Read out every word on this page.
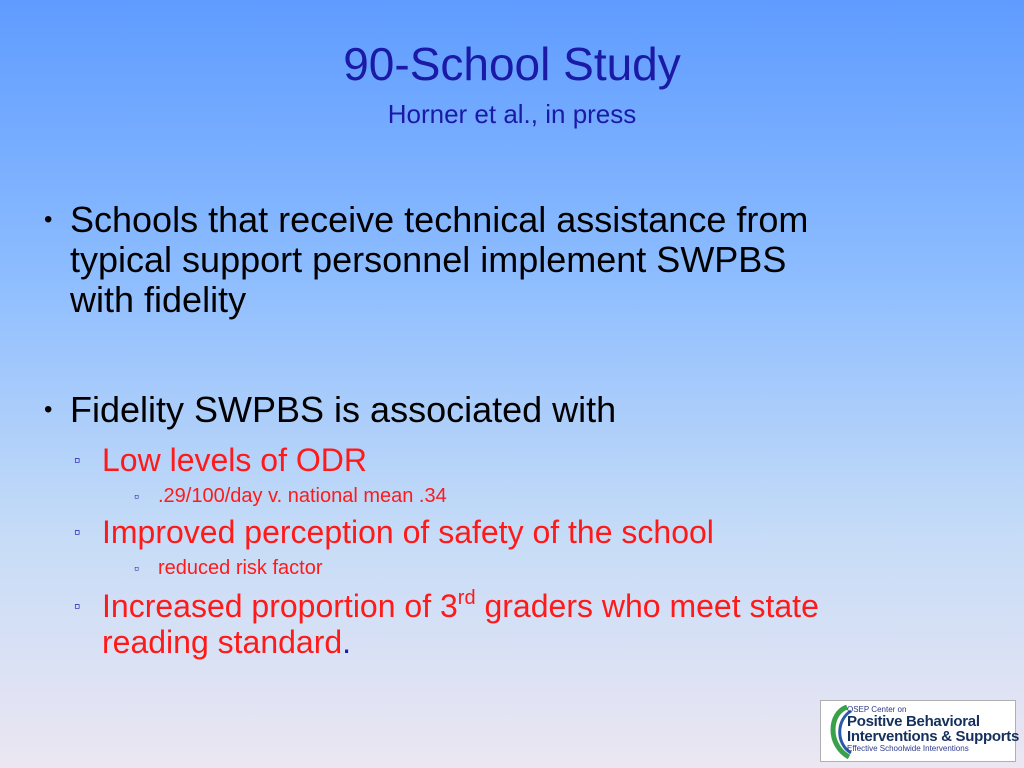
90-School Study
Horner et al., in press
• Schools that receive technical assistance from
typical support personnel implement SWPBS
with fidelity
• Fidelity SWPBS is associated with
▫ Low levels of ODR
▫ .29/100/day v. national mean .34
▫ Improved perception of safety of the school
▫ reduced risk factor
▫ Increased proportion of 3rd graders who meet state
reading standard.
OSEP Center on
Positive Behavioral
Interventions & Supports
Effective Schoolwide Interventions
